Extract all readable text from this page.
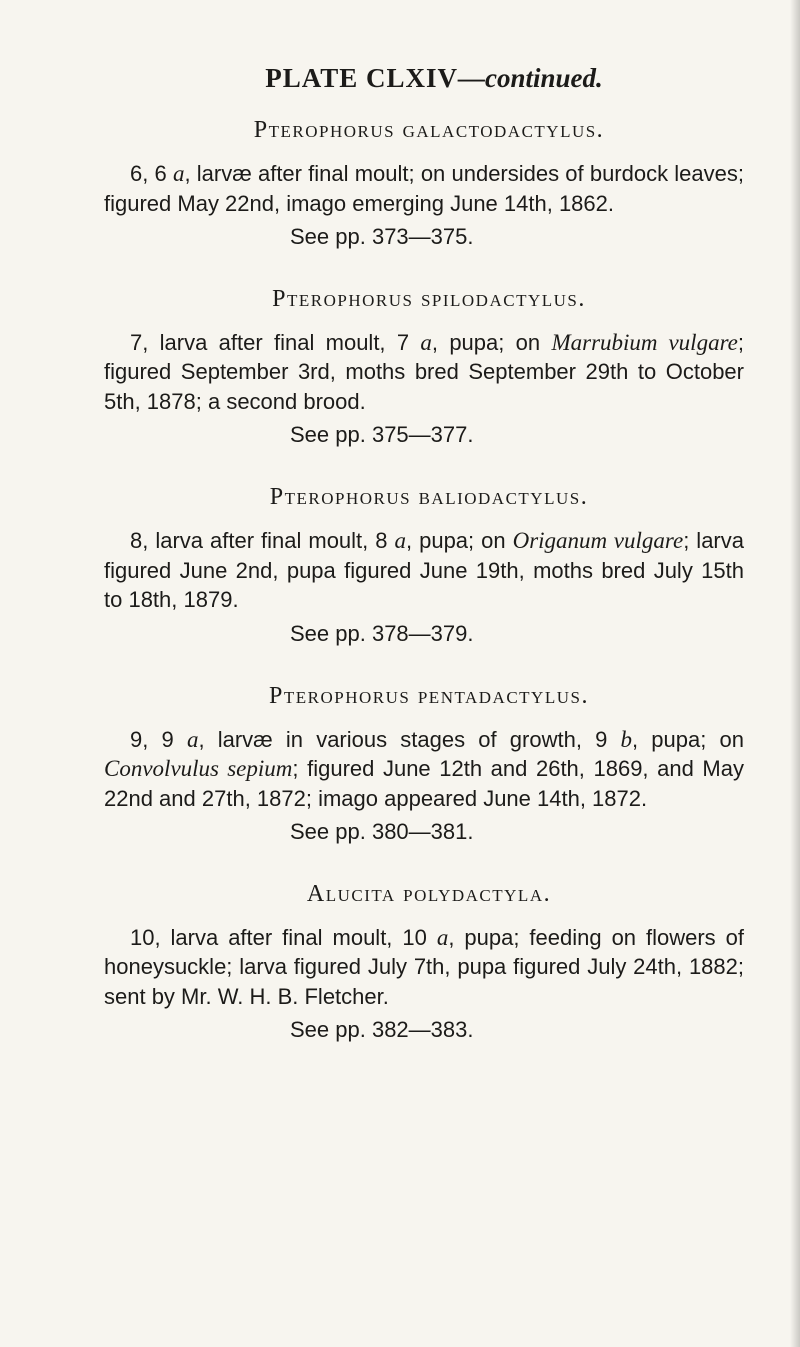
PLATE CLXIV—continued.
Pterophorus galactodactylus.

6, 6 a, larvæ after final moult; on undersides of burdock leaves; figured May 22nd, imago emerging June 14th, 1862.

See pp. 373—375.
Pterophorus spilodactylus.

7, larva after final moult, 7 a, pupa; on Marrubium vulgare; figured September 3rd, moths bred September 29th to October 5th, 1878; a second brood.

See pp. 375—377.
Pterophorus baliodactylus.

8, larva after final moult, 8 a, pupa; on Origanum vulgare; larva figured June 2nd, pupa figured June 19th, moths bred July 15th to 18th, 1879.

See pp. 378—379.
Pterophorus pentadactylus.

9, 9 a, larvæ in various stages of growth, 9 b, pupa; on Convolvulus sepium; figured June 12th and 26th, 1869, and May 22nd and 27th, 1872; imago appeared June 14th, 1872.

See pp. 380—381.
Alucita polydactyla.

10, larva after final moult, 10 a, pupa; feeding on flowers of honeysuckle; larva figured July 7th, pupa figured July 24th, 1882; sent by Mr. W. H. B. Fletcher.

See pp. 382—383.
